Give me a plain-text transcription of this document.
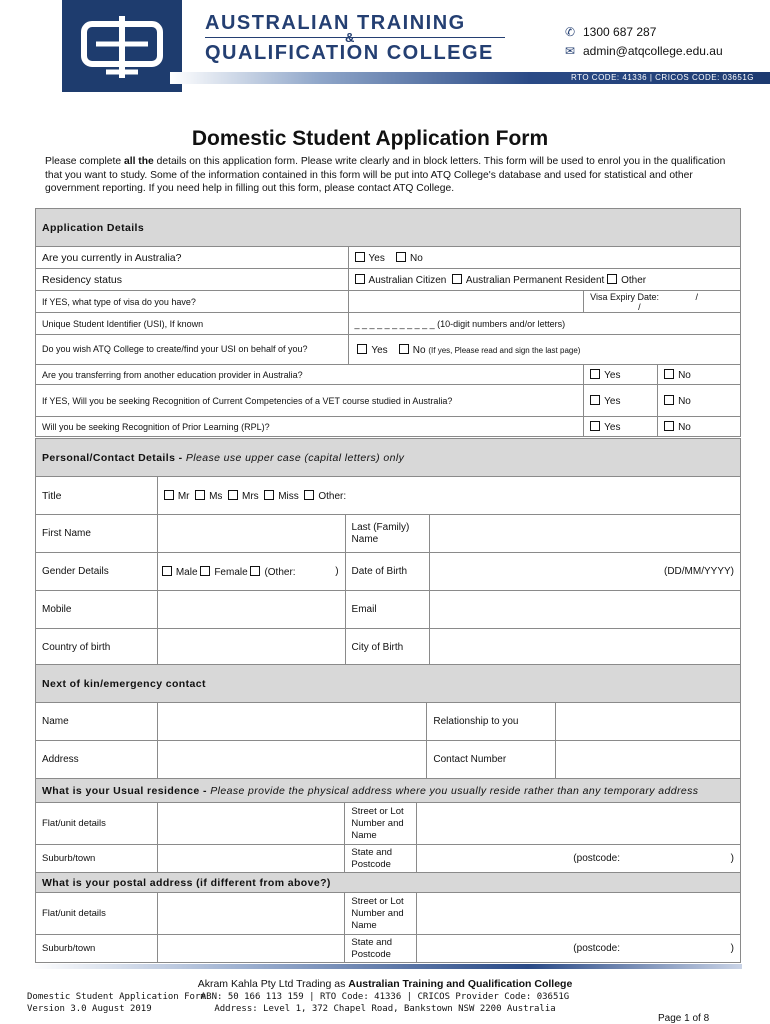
AUSTRALIAN TRAINING
&
QUALIFICATION COLLEGE
✆ 1300 687 287
✉ admin@atqcollege.edu.au
RTO CODE: 41336 | CRICOS CODE: 03651G
Domestic Student Application Form
Please complete all the details on this application form. Please write clearly and in block letters. This form will be used to enrol you in the qualification that you want to study. Some of the information contained in this form will be put into ATQ College's database and used for statistical and other government reporting. If you need help in filling out this form, please contact ATQ College.
Application Details			
Are you currently in Australia?	Yes No		
Residency status	Australian Citizen Australian Permanent Resident Other		
If YES, what type of visa do you have?		Visa Expiry Date: / /	
Unique Student Identifier (USI), If known	_ _ _ _ _ _ _ _ _ _ _ (10-digit numbers and/or letters)		
Do you wish ATQ College to create/find your USI on behalf of you?	Yes No (If yes, Please read and sign the last page)		
Are you transferring from another education provider in Australia?		Yes	No
If YES, Will you be seeking Recognition of Current Competencies of a VET course studied in Australia?		Yes	No
Will you be seeking Recognition of Prior Learning (RPL)?		Yes	No
Personal/Contact Details - Please use upper case (capital letters) only			
Title	Mr Ms Mrs Miss Other:		
First Name		Last (Family) Name	
Gender Details	Male Female (Other: )	Date of Birth	(DD/MM/YYYY)
Mobile		Email	
Country of birth		City of Birth	
Next of kin/emergency contact			
Name		Relationship to you	
Address		Contact Number	
What is your Usual residence - Please provide the physical address where you usually reside rather than any temporary address			
Flat/unit details		Street or Lot Number and Name	
Suburb/town		State and Postcode	(postcode: )
What is your postal address (if different from above?)			
Flat/unit details		Street or Lot Number and Name	
Suburb/town		State and Postcode	(postcode: )
Akram Kahla Pty Ltd Trading as Australian Training and Qualification College
ABN: 50 166 113 159 | RTO Code: 41336 | CRICOS Provider Code: 03651G
Address: Level 1, 372 Chapel Road, Bankstown NSW 2200 Australia
Domestic Student Application Form
Version 3.0 August 2019
Page 1 of 8
